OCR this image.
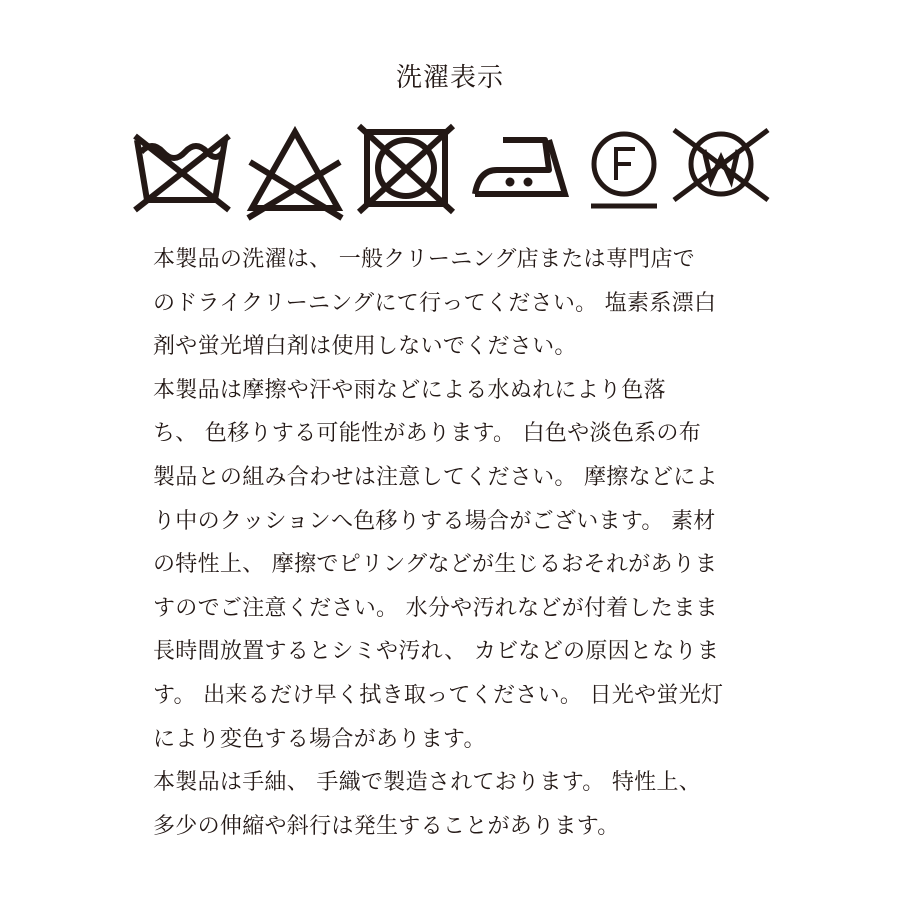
洗濯表示
本製品の洗濯は、 一般クリーニング店または専門店で
のドライクリーニングにて行ってください。 塩素系漂白
剤や蛍光増白剤は使用しないでください。
本製品は摩擦や汗や雨などによる水ぬれにより色落
ち、 色移りする可能性があります。 白色や淡色系の布
製品との組み合わせは注意してください。 摩擦などによ
り中のクッションへ色移りする場合がございます。 素材
の特性上、 摩擦でピリングなどが生じるおそれがありま
すのでご注意ください。 水分や汚れなどが付着したまま
長時間放置するとシミや汚れ、 カビなどの原因となりま
す。 出来るだけ早く拭き取ってください。 日光や蛍光灯
により変色する場合があります。
本製品は手紬、 手織で製造されております。 特性上、
多少の伸縮や斜行は発生することがあります。
